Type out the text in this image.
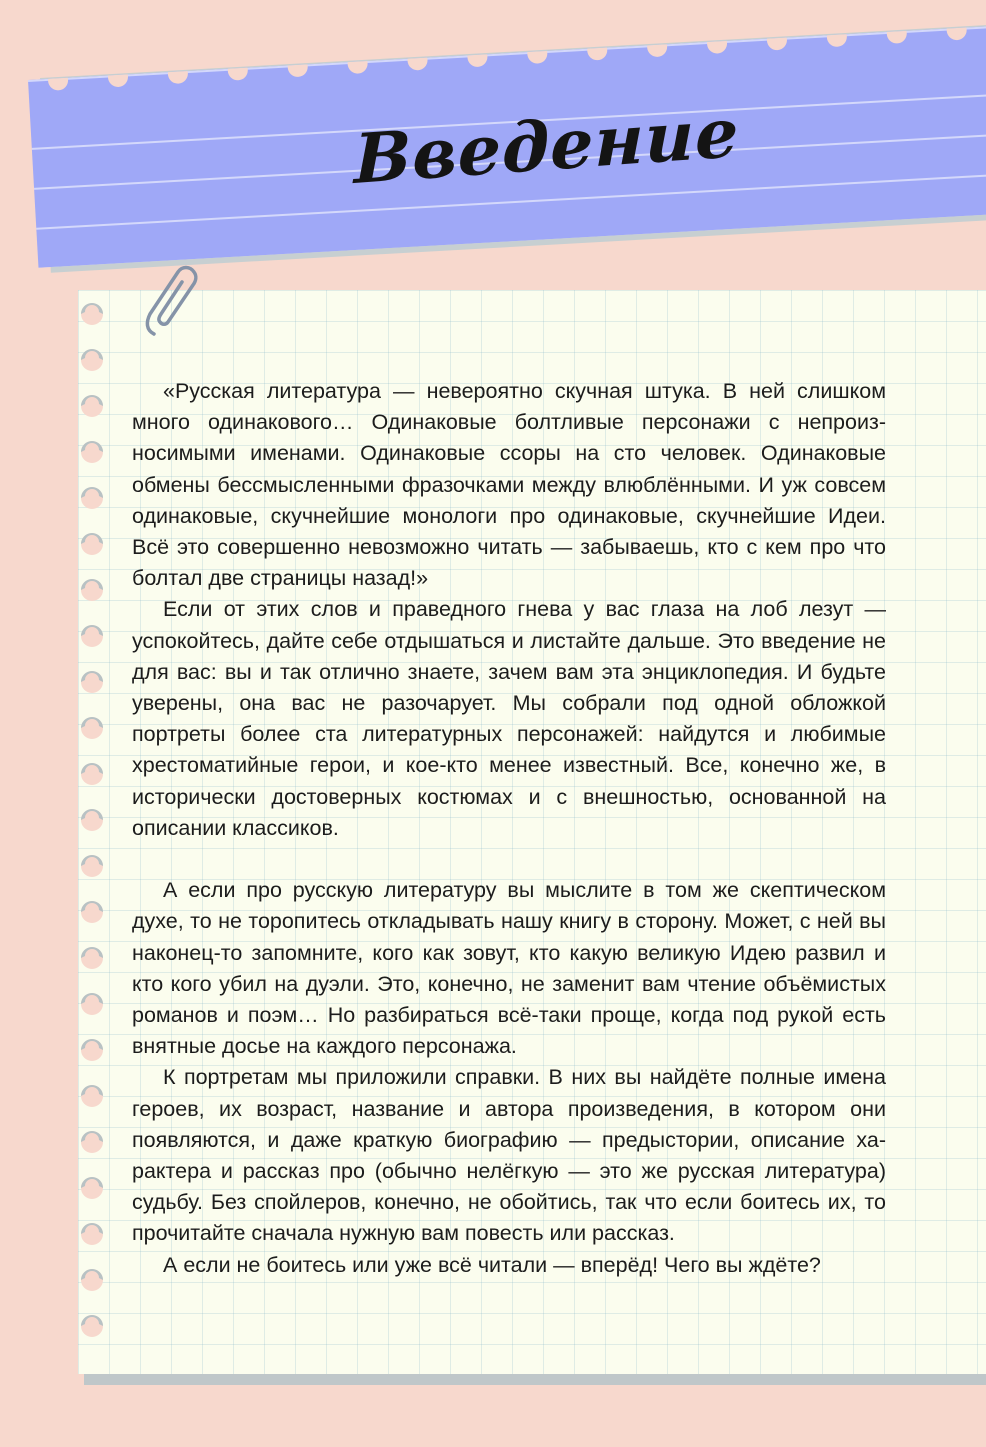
Введение

«Русская литература — невероятно скучная штука. В ней слишком много одинакового… Одинаковые болтливые персонажи с непроизносимыми именами. Одинаковые ссоры на сто человек. Одинаковые обмены бессмысленными фразочками между влюблёнными. И уж совсем одинаковые, скучнейшие монологи про одинаковые, скучнейшие Идеи. Всё это совершенно невозможно читать — забываешь, кто с кем про что болтал две страницы назад!»

Если от этих слов и праведного гнева у вас глаза на лоб лезут — успокойтесь, дайте себе отдышаться и листайте дальше. Это введение не для вас: вы и так отлично знаете, зачем вам эта энциклопедия. И будьте уверены, она вас не разочарует. Мы собрали под одной обложкой портреты более ста литературных персонажей: найдутся и любимые хрестоматийные герои, и кое-кто менее известный. Все, конечно же, в исторически достоверных костюмах и с внешностью, основанной на описании классиков.

А если про русскую литературу вы мыслите в том же скептическом духе, то не торопитесь откладывать нашу книгу в сторону. Может, с ней вы наконец-то запомните, кого как зовут, кто какую великую Идею развил и кто кого убил на дуэли. Это, конечно, не заменит вам чтение объёмистых романов и поэм… Но разбираться всё-таки проще, когда под рукой есть внятные досье на каждого персонажа.

К портретам мы приложили справки. В них вы найдёте полные имена героев, их возраст, название и автора произведения, в котором они появляются, и даже краткую биографию — предыстории, описание характера и рассказ про (обычно нелёгкую — это же русская литература) судьбу. Без спойлеров, конечно, не обойтись, так что если боитесь их, то прочитайте сначала нужную вам повесть или рассказ.

А если не боитесь или уже всё читали — вперёд! Чего вы ждёте?
